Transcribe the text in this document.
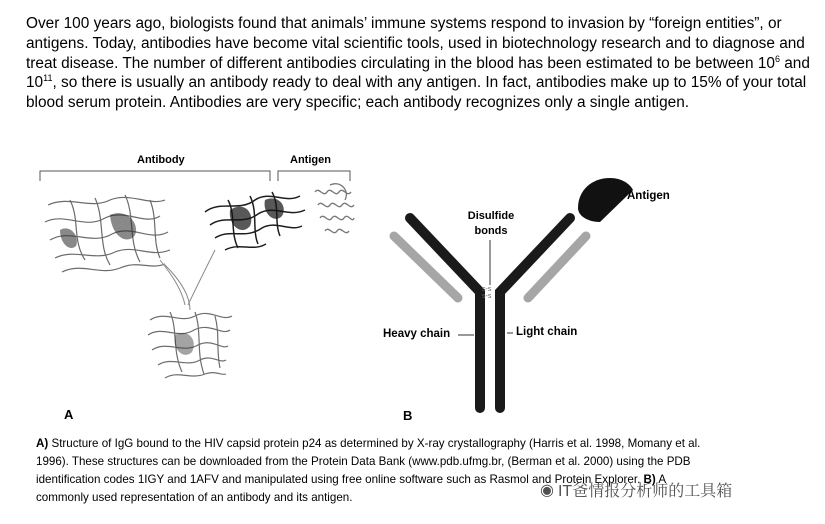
Over 100 years ago, biologists found that animals’ immune systems respond to invasion by “foreign entities”, or antigens. Today, antibodies have become vital scientific tools, used in biotechnology research and to diagnose and treat disease. The number of different antibodies circulating in the blood has been estimated to be between $10^6$ and $10^{11}$, so there is usually an antibody ready to deal with any antigen. In fact, antibodies make up to 15% of your total blood serum protein. Antibodies are very specific; each antibody recognizes only a single antigen.

Antibody	Antigen
A
Antigen
Disulfide
bonds
Heavy chain	Light chain
s-s
s-s
B
A) Structure of IgG bound to the HIV capsid protein p24 as determined by X-ray crystallography (Harris et al. 1998, Momany et al. 1996). These structures can be downloaded from the Protein Data Bank (www.pdb.ufmg.br, (Berman et al. 2000) using the PDB identification codes 1IGY and 1AFV and manipulated using free online software such as Rasmol and Protein Explorer. B) A commonly used representation of an antibody and its antigen.	◉ IT爸情报分析师的工具箱
